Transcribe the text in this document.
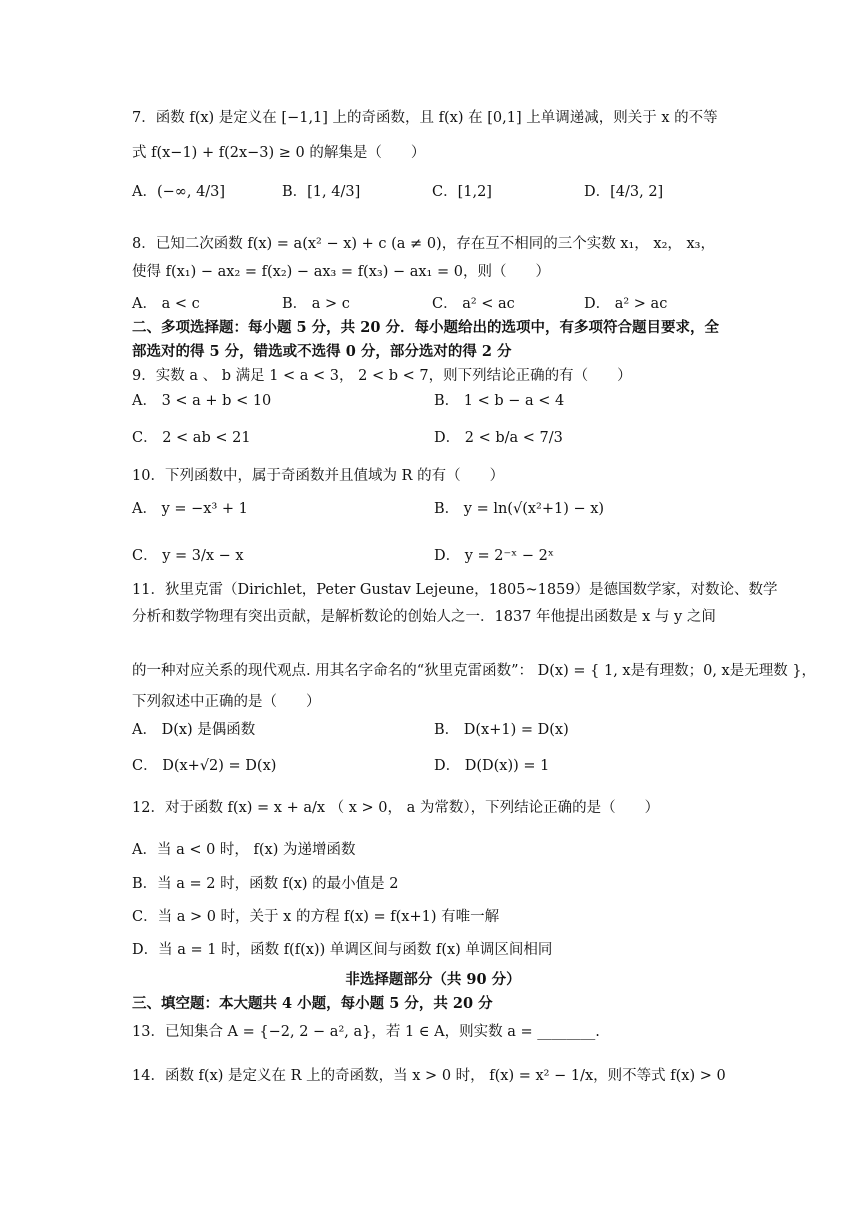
7．函数 f(x) 是定义在 [−1,1] 上的奇函数，且 f(x) 在 [0,1] 上单调递减，则关于 x 的不等
式 f(x−1) + f(2x−3) ≥ 0 的解集是（　　）
A．(−∞, 4/3]	B．[1, 4/3]	C．[1,2]	D．[4/3, 2]
8．已知二次函数 f(x) = a(x² − x) + c (a ≠ 0)，存在互不相同的三个实数 x₁， x₂， x₃，
使得 f(x₁) − ax₂ = f(x₂) − ax₃ = f(x₃) − ax₁ = 0，则（　　）
A． a < c	B． a > c	C． a² < ac	D． a² > ac
二、多项选择题：每小题 5 分，共 20 分．每小题给出的选项中，有多项符合题目要求，全
部选对的得 5 分，错选或不选得 0 分，部分选对的得 2 分
9．实数 a 、 b 满足 1 < a < 3， 2 < b < 7，则下列结论正确的有（　　）
A． 3 < a + b < 10	B． 1 < b − a < 4
C． 2 < ab < 21	D． 2 < b/a < 7/3
10．下列函数中，属于奇函数并且值域为 R 的有（　　）
A． y = −x³ + 1	B． y = ln(√(x²+1) − x)
C． y = 3/x − x	D． y = 2⁻ˣ − 2ˣ
11．狄里克雷（Dirichlet，Peter Gustav Lejeune，1805~1859）是德国数学家，对数论、数学
分析和数学物理有突出贡献，是解析数论的创始人之一．1837 年他提出函数是 x 与 y 之间
的一种对应关系的现代观点. 用其名字命名的“狄里克雷函数”： D(x) = { 1, x是有理数；0, x是无理数 }，
下列叙述中正确的是（　　）
A． D(x) 是偶函数	B． D(x+1) = D(x)
C． D(x+√2) = D(x)	D． D(D(x)) = 1
12．对于函数 f(x) = x + a/x （ x > 0， a 为常数），下列结论正确的是（　　）
A．当 a < 0 时， f(x) 为递增函数
B．当 a = 2 时，函数 f(x) 的最小值是 2
C．当 a > 0 时，关于 x 的方程 f(x) = f(x+1) 有唯一解
D．当 a = 1 时，函数 f(f(x)) 单调区间与函数 f(x) 单调区间相同
非选择题部分（共 90 分）
三、填空题：本大题共 4 小题，每小题 5 分，共 20 分
13．已知集合 A = {−2, 2 − a², a}，若 1 ∈ A，则实数 a = ________.
14．函数 f(x) 是定义在 R 上的奇函数，当 x > 0 时， f(x) = x² − 1/x，则不等式 f(x) > 0
